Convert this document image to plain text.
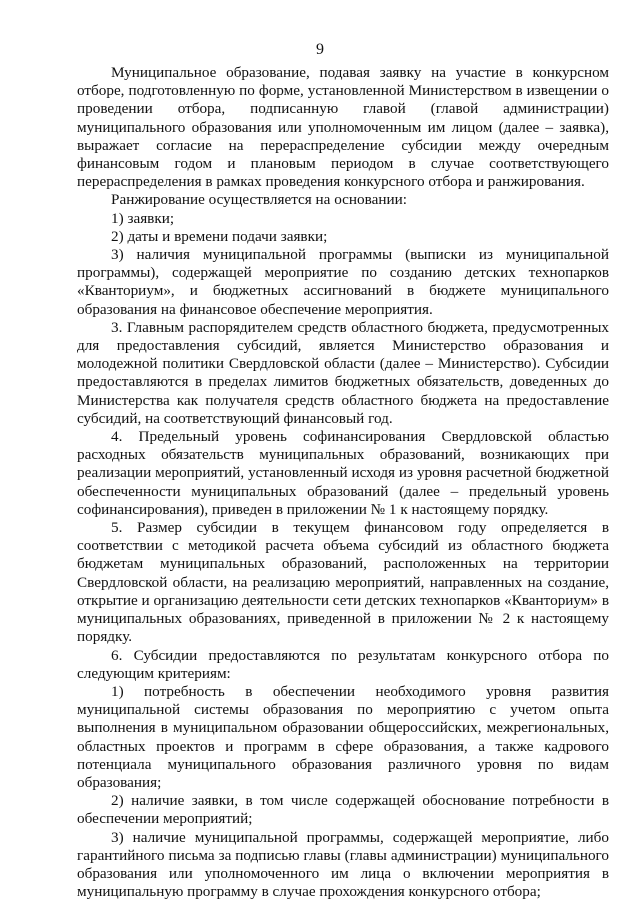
9

Муниципальное образование, подавая заявку на участие в конкурсном отборе, подготовленную по форме, установленной Министерством в извещении о проведении отбора, подписанную главой (главой администрации) муниципального образования или уполномоченным им лицом (далее – заявка), выражает согласие на перераспределение субсидии между очередным финансовым годом и плановым периодом в случае соответствующего перераспределения в рамках проведения конкурсного отбора и ранжирования.

Ранжирование осуществляется на основании:

1) заявки;

2) даты и времени подачи заявки;

3) наличия муниципальной программы (выписки из муниципальной программы), содержащей мероприятие по созданию детских технопарков «Кванториум», и бюджетных ассигнований в бюджете муниципального образования на финансовое обеспечение мероприятия.

3. Главным распорядителем средств областного бюджета, предусмотренных для предоставления субсидий, является Министерство образования и молодежной политики Свердловской области (далее – Министерство). Субсидии предоставляются в пределах лимитов бюджетных обязательств, доведенных до Министерства как получателя средств областного бюджета на предоставление субсидий, на соответствующий финансовый год.

4. Предельный уровень софинансирования Свердловской областью расходных обязательств муниципальных образований, возникающих при реализации мероприятий, установленный исходя из уровня расчетной бюджетной обеспеченности муниципальных образований (далее – предельный уровень софинансирования), приведен в приложении № 1 к настоящему порядку.

5. Размер субсидии в текущем финансовом году определяется в соответствии с методикой расчета объема субсидий из областного бюджета бюджетам муниципальных образований, расположенных на территории Свердловской области, на реализацию мероприятий, направленных на создание, открытие и организацию деятельности сети детских технопарков «Кванториум» в муниципальных образованиях, приведенной в приложении № 2 к настоящему порядку.

6. Субсидии предоставляются по результатам конкурсного отбора по следующим критериям:

1) потребность в обеспечении необходимого уровня развития муниципальной системы образования по мероприятию с учетом опыта выполнения в муниципальном образовании общероссийских, межрегиональных, областных проектов и программ в сфере образования, а также кадрового потенциала муниципального образования различного уровня по видам образования;

2) наличие заявки, в том числе содержащей обоснование потребности в обеспечении мероприятий;

3) наличие муниципальной программы, содержащей мероприятие, либо гарантийного письма за подписью главы (главы администрации) муниципального образования или уполномоченного им лица о включении мероприятия в муниципальную программу в случае прохождения конкурсного отбора;
